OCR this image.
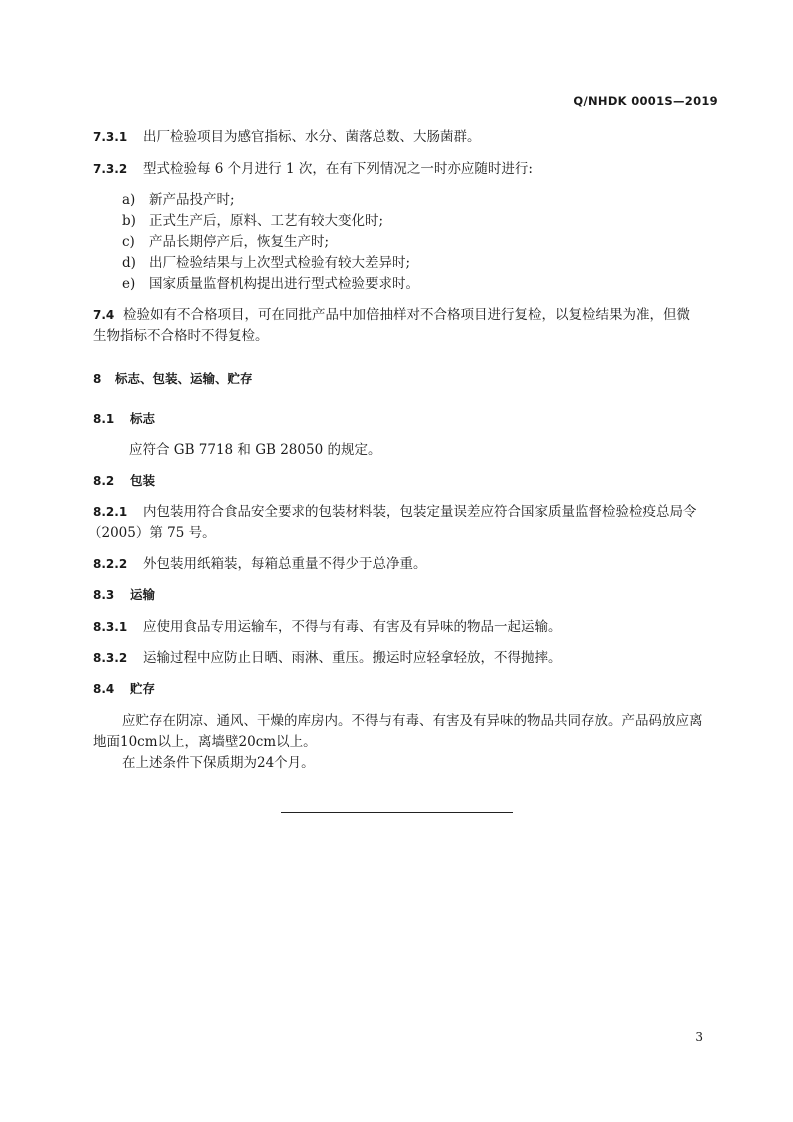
Q/NHDK 0001S—2019
7.3.1 出厂检验项目为感官指标、水分、菌落总数、大肠菌群。
7.3.2 型式检验每 6 个月进行 1 次，在有下列情况之一时亦应随时进行:
a) 新产品投产时;
b) 正式生产后，原料、工艺有较大变化时;
c) 产品长期停产后，恢复生产时;
d) 出厂检验结果与上次型式检验有较大差异时;
e) 国家质量监督机构提出进行型式检验要求时。
7.4 检验如有不合格项目，可在同批产品中加倍抽样对不合格项目进行复检，以复检结果为准，但微
生物指标不合格时不得复检。
8 标志、包装、运输、贮存
8.1 标志
应符合 GB 7718 和 GB 28050 的规定。
8.2 包装
8.2.1 内包装用符合食品安全要求的包装材料装，包装定量误差应符合国家质量监督检验检疫总局令
（2005）第 75 号。
8.2.2 外包装用纸箱装，每箱总重量不得少于总净重。
8.3 运输
8.3.1 应使用食品专用运输车，不得与有毒、有害及有异味的物品一起运输。
8.3.2 运输过程中应防止日晒、雨淋、重压。搬运时应轻拿轻放，不得抛摔。
8.4 贮存
应贮存在阴凉、通风、干燥的库房内。不得与有毒、有害及有异味的物品共同存放。产品码放应离
地面10cm以上，离墙壁20cm以上。
在上述条件下保质期为24个月。
3
